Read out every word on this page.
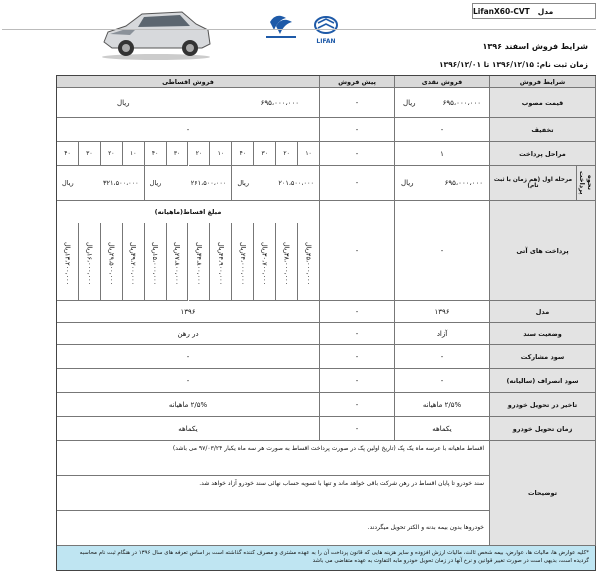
LIFAN
مدل
LifanX60-CVT
شرایط فروش اسفند ۱۳۹۶
زمان ثبت نام: ۱۳۹۶/۱۲/۱۵ تا ۱۳۹۶/۱۲/۰۱
شرایط فروش
فروش نقدی
پیش فروش
فروش اقساطی
قیمت مصوب
۶۹۵،۰۰۰،۰۰۰
ریال
-
۶۹۵،۰۰۰،۰۰۰
ریال
تخفیف
-
-
-
نحوه پرداخت
مراحل پرداخت
۱
-
۱۰
۲۰
۳۰
۴۰
۱۰
۲۰
۳۰
۴۰
۱۰
۲۰
۳۰
۴۰
مرحله اول (هم زمان با ثبت نام)
۶۹۵،۰۰۰،۰۰۰
ریال
-
۲۰۱،۵۰۰،۰۰۰
ریال
۲۶۱،۵۰۰،۰۰۰
ریال
۳۲۱،۵۰۰،۰۰۰
ریال
پرداخت های آتی
-
-
مبلغ اقساط(ماهیانه)
ریال
۴۵،۰۰۰،۰۰۰
ریال
۳۸،۰۰۰،۰۰۰
ریال
۳۰،۷۰۰،۰۰۰
ریال
۲۴،۰۰۰،۰۰۰
ریال
۴۴،۹۰۰،۰۰۰
ریال
۳۴،۸۰۰،۰۰۰
ریال
۲۷،۸۰۰،۰۰۰
ریال
۱۵،۰۰۰،۰۰۰
ریال
۳۹،۲۰۰،۰۰۰
ریال
۲۹،۵۰۰،۰۰۰
ریال
۱۶،۰۰۰،۰۰۰
ریال
۱۳،۲۰۰،۰۰۰
مدل
۱۳۹۶
-
۱۳۹۶
وضعیت سند
آزاد
-
در رهن
سود مشارکت
-
-
-
سود انصراف (سالیانه)
-
-
-
تاخیر در تحویل خودرو
۲/۵% ماهیانه
-
۲/۵% ماهیانه
زمان تحویل خودرو
یکماهه
-
یکماهه
توضیحات
اقساط ماهیانه با عرسه ماه یک پک (تاریخ اولین پک در صورت پرداخت اقساط به صورت هر سه ماه یکبار ۹۷/۰۳/۲۴ می باشد)
سند خودرو تا پایان اقساط در رهن شرکت باقی خواهد ماند و تنها با تسویه حساب نهائی سند خودرو آزاد خواهد شد.
خودروها بدون بیمه بدنه و الکتر تحویل میگردند.
*کلیه عوارض ها، مالیات ها، عوارض، بیمه شخص ثالث، مالیات ارزش افزوده و سایر هزینه هایی که قانون پرداخت آن را به عهده مشتری و مصرف کننده گذاشته است بر اساس تعرفه های سال ۱۳۹۶ در هنگام ثبت نام محاسبه گردیده است، بدیهی است در صورت تغییر قوانین و نرخ آنها در زمان تحویل خودرو مابه التفاوت به عهده متقاضی می باشد
